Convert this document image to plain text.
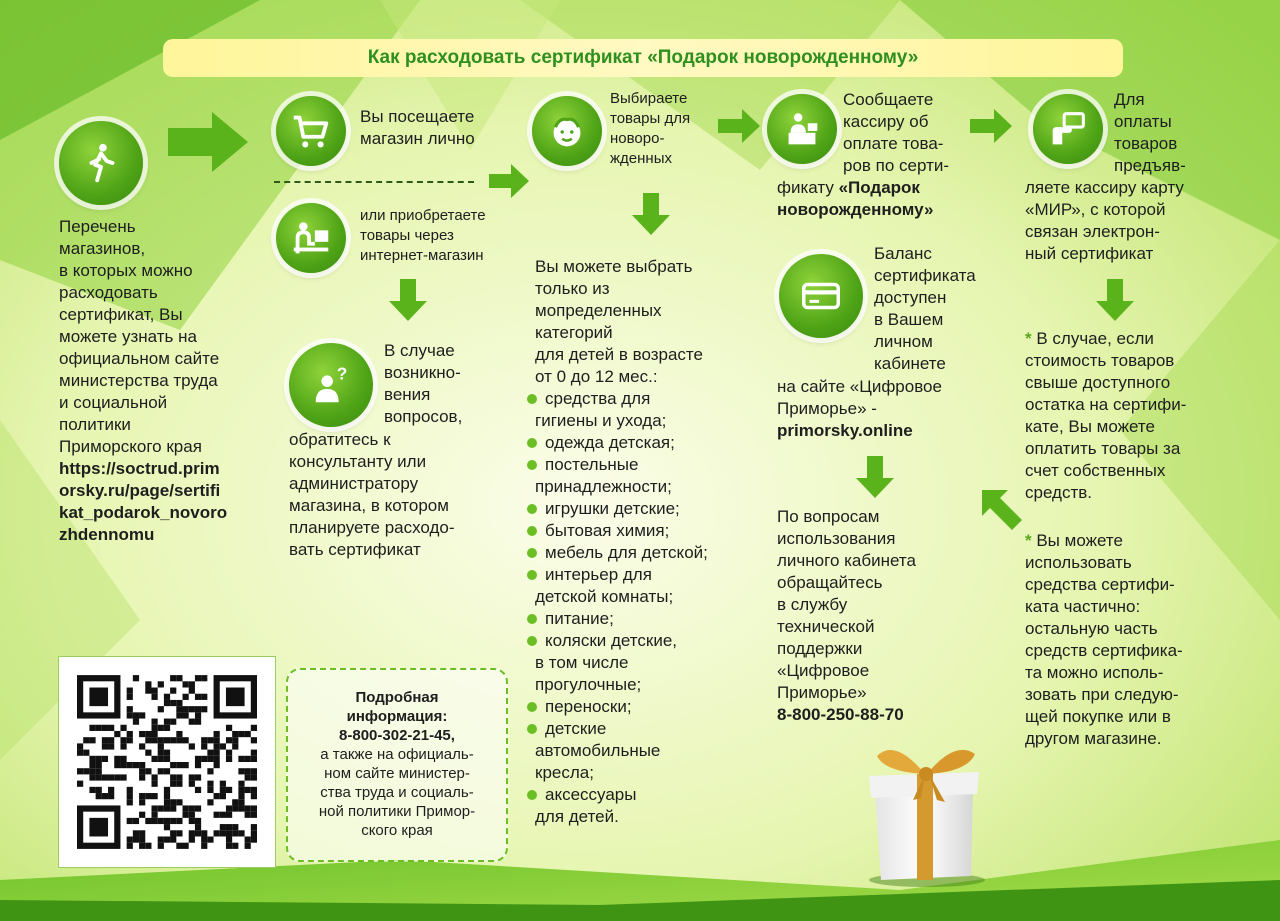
Как расходовать сертификат «Подарок новорожденному»
Перечень
магазинов,
в которых можно
расходовать
сертификат, Вы
можете узнать на
официальном сайте
министерства труда
и социальной
политики
Приморского края
https://soctrud.prim
orsky.ru/page/sertifi
kat_podarok_novoro
zhdennomu
Вы посещаете
магазин лично
или приобретаете
товары через
интернет-магазин
?
В случае
возникно-
вения
вопросов,
обратитесь к
консультанту или
администратору
магазина, в котором
планируете расходо-
вать сертификат
Выбираете
товары для
новоро-
жденных
Вы можете выбрать
только из
мопределенных
категорий
для детей в возрасте
от 0 до 12 мес.:
средства для
гигиены и ухода;
одежда детская;
постельные
принадлежности;
игрушки детские;
бытовая химия;
мебель для детской;
интерьер для
детской комнаты;
питание;
коляски детские,
в том числе
прогулочные;
переноски;
детские
автомобильные
кресла;
аксессуары
для детей.
Сообщаете
кассиру об
оплате това-
ров по серти-
фикату «Подарок
новорожденному»
Баланс
сертификата
доступен
в Вашем
личном
кабинете
на сайте «Цифровое
Приморье» -
primorsky.online
По вопросам
использования
личного кабинета
обращайтесь
в службу
технической
поддержки
«Цифровое
Приморье»
8-800-250-88-70
Для
оплаты
товаров
предъяв-
ляете кассиру карту
«МИР», с которой
связан электрон-
ный сертификат
* В случае, если
стоимость товаров
свыше доступного
остатка на сертифи-
кате, Вы можете
оплатить товары за
счет собственных
средств.
* Вы можете
использовать
средства сертифи-
ката частично:
остальную часть
средств сертифика-
та можно исполь-
зовать при следую-
щей покупке или в
другом магазине.
Подробная
информация:
8-800-302-21-45,
а также на официаль-
ном сайте министер-
ства труда и социаль-
ной политики Примор-
ского края
